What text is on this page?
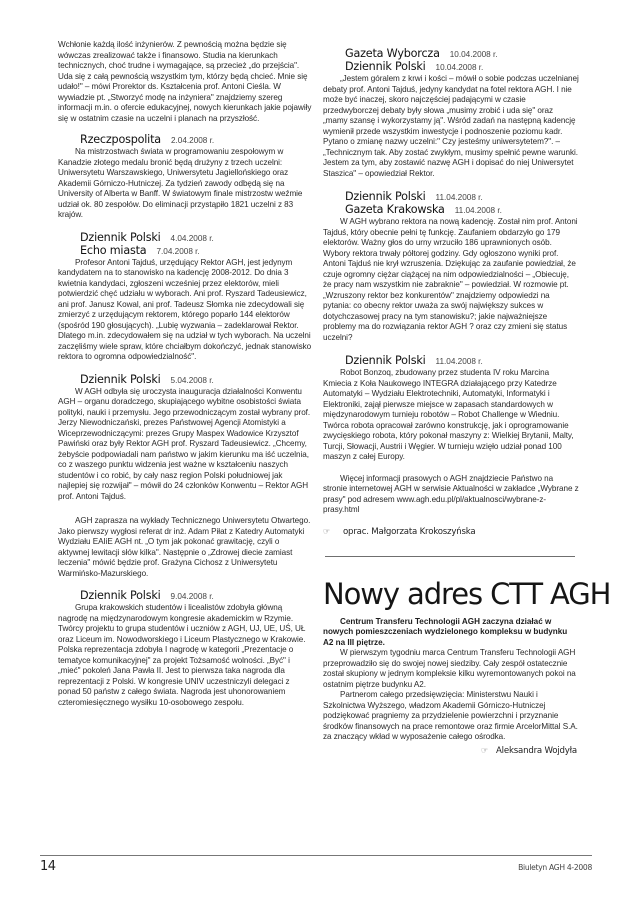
Wchłonie każdą ilość inżynierów. Z pewnością można będzie się wówczas zrealizować także i finansowo. Studia na kierunkach technicznych, choć trudne i wymagające, są przecież „do przejścia". Uda się z całą pewnością wszystkim tym, którzy będą chcieć. Mnie się udało!" – mówi Prorektor ds. Kształcenia prof. Antoni Cieśla. W wywiadzie pt. „Stworzyć modę na inżyniera" znajdziemy szereg informacji m.in. o ofercie edukacyjnej, nowych kierunkach jakie pojawiły się w ostatnim czasie na uczelni i planach na przyszłość.

Rzeczpospolita 2.04.2008 r.

Na mistrzostwach świata w programowaniu zespołowym w Kanadzie złotego medalu bronić będą drużyny z trzech uczelni: Uniwersytetu Warszawskiego, Uniwersytetu Jagiellońskiego oraz Akademii Górniczo-Hutniczej. Za tydzień zawody odbędą się na University of Alberta w Banff. W światowym finale mistrzostw weźmie udział ok. 80 zespołów. Do eliminacji przystąpiło 1821 uczelni z 83 krajów.

Dziennik Polski 4.04.2008 r.
Echo miasta 7.04.2008 r.

Profesor Antoni Tajduś, urzędujący Rektor AGH, jest jedynym kandydatem na to stanowisko na kadencję 2008-2012. Do dnia 3 kwietnia kandydaci, zgłoszeni wcześniej przez elektorów, mieli potwierdzić chęć udziału w wyborach. Ani prof. Ryszard Tadeusiewicz, ani prof. Janusz Kowal, ani prof. Tadeusz Słomka nie zdecydowali się zmierzyć z urzędującym rektorem, którego poparło 144 elektorów (spośród 190 głosujących). „Lubię wyzwania – zadeklarował Rektor. Dlatego m.in. zdecydowałem się na udział w tych wyborach. Na uczelni zaczęliśmy wiele spraw, które chciałbym dokończyć, jednak stanowisko rektora to ogromna odpowiedzialność".

Dziennik Polski 5.04.2008 r.

W AGH odbyła się uroczysta inauguracja działalności Konwentu AGH – organu doradczego, skupiającego wybitne osobistości świata polityki, nauki i przemysłu. Jego przewodniczącym został wybrany prof. Jerzy Niewodniczański, prezes Państwowej Agencji Atomistyki a Wiceprzewodniczącymi: prezes Grupy Maspex Wadowice Krzysztof Pawiński oraz były Rektor AGH prof. Ryszard Tadeusiewicz. „Chcemy, żebyście podpowiadali nam państwo w jakim kierunku ma iść uczelnia, co z waszego punktu widzenia jest ważne w kształceniu naszych studentów i co robić, by cały nasz region Polski południowej jak najlepiej się rozwijał" – mówił do 24 członków Konwentu – Rektor AGH prof. Antoni Tajduś.

AGH zaprasza na wykłady Technicznego Uniwersytetu Otwartego. Jako pierwszy wygłosi referat dr inż. Adam Piłat z Katedry Automatyki Wydziału EAIiE AGH nt. „O tym jak pokonać grawitację, czyli o aktywnej lewitacji słów kilka". Następnie o „Zdrowej diecie zamiast leczenia" mówić będzie prof. Grażyna Cichosz z Uniwersytetu Warmińsko-Mazurskiego.

Dziennik Polski 9.04.2008 r.

Grupa krakowskich studentów i licealistów zdobyła główną nagrodę na międzynarodowym kongresie akademickim w Rzymie. Twórcy projektu to grupa studentów i uczniów z AGH, UJ, UE, UŚ, UŁ oraz Liceum im. Nowodworskiego i Liceum Plastycznego w Krakowie. Polska reprezentacja zdobyła I nagrodę w kategorii „Prezentacje o tematyce komunikacyjnej" za projekt Tożsamość wolności. „Być" i „mieć" pokoleń Jana Pawła II. Jest to pierwsza taka nagroda dla reprezentacji z Polski. W kongresie UNIV uczestniczyli delegaci z ponad 50 państw z całego świata. Nagroda jest uhonorowaniem czteromiesięcznego wysiłku 10-osobowego zespołu.

Gazeta Wyborcza 10.04.2008 r.
Dziennik Polski 10.04.2008 r.

„Jestem góralem z krwi i kości – mówił o sobie podczas uczelnianej debaty prof. Antoni Tajduś, jedyny kandydat na fotel rektora AGH. I nie może być inaczej, skoro najczęściej padającymi w czasie przedwyborczej debaty były słowa „musimy zrobić i uda się" oraz „mamy szansę i wykorzystamy ją". Wśród zadań na następną kadencję wymienił przede wszystkim inwestycje i podnoszenie poziomu kadr. Pytano o zmianę nazwy uczelni:" Czy jesteśmy uniwersytetem?". – „Technicznym tak. Aby zostać zwykłym, musimy spełnić pewne warunki. Jestem za tym, aby zostawić nazwę AGH i dopisać do niej Uniwersytet Staszica" – opowiedział Rektor.

Dziennik Polski 11.04.2008 r.
Gazeta Krakowska 11.04.2008 r.

W AGH wybrano rektora na nową kadencję. Został nim prof. Antoni Tajduś, który obecnie pełni tę funkcję. Zaufaniem obdarzyło go 179 elektorów. Ważny głos do urny wrzuciło 186 uprawnionych osób. Wybory rektora trwały półtorej godziny. Gdy ogłoszono wyniki prof. Antoni Tajduś nie krył wzruszenia. Dziękując za zaufanie powiedział, że czuje ogromny ciężar ciążącej na nim odpowiedzialności – „Obiecuję, że pracy nam wszystkim nie zabraknie" – powiedział. W rozmowie pt. „Wzruszony rektor bez konkurentów" znajdziemy odpowiedzi na pytania: co obecny rektor uważa za swój największy sukces w dotychczasowej pracy na tym stanowisku?; jakie najważniejsze problemy ma do rozwiązania rektor AGH ? oraz czy zmieni się status uczelni?

Dziennik Polski 11.04.2008 r.

Robot Bonzoq, zbudowany przez studenta IV roku Marcina Kmiecia z Koła Naukowego INTEGRA działającego przy Katedrze Automatyki – Wydziału Elektrotechniki, Automatyki, Informatyki i Elektroniki, zajął pierwsze miejsce w zapasach standardowych w międzynarodowym turnieju robotów – Robot Challenge w Wiedniu. Twórca robota opracował zarówno konstrukcję, jak i oprogramowanie zwycięskiego robota, który pokonał maszyny z: Wielkiej Brytanii, Malty, Turcji, Słowacji, Austrii i Węgier. W turnieju wzięło udział ponad 100 maszyn z całej Europy.

Więcej informacji prasowych o AGH znajdziecie Państwo na stronie internetowej AGH w serwisie Aktualności w zakładce „Wybrane z prasy" pod adresem www.agh.edu.pl/pl/aktualnosci/wybrane-z-prasy.html

☞ oprac. Małgorzata Krokoszyńska
Nowy adres CTT AGH

Centrum Transferu Technologii AGH zaczyna działać w nowych pomieszczeniach wydzielonego kompleksu w budynku A2 na III piętrze.

W pierwszym tygodniu marca Centrum Transferu Technologii AGH przeprowadziło się do swojej nowej siedziby. Cały zespół ostatecznie został skupiony w jednym kompleksie kilku wyremontowanych pokoi na ostatnim piętrze budynku A2.

Partnerom całego przedsięwzięcia: Ministerstwu Nauki i Szkolnictwa Wyższego, władzom Akademii Górniczo-Hutniczej podziękować pragniemy za przydzielenie powierzchni i przyznanie środków finansowych na prace remontowe oraz firmie ArcelorMittal S.A. za znaczący wkład w wyposażenie całego ośrodka.

☞ Aleksandra Wojdyła
14	Biuletyn AGH 4-2008
